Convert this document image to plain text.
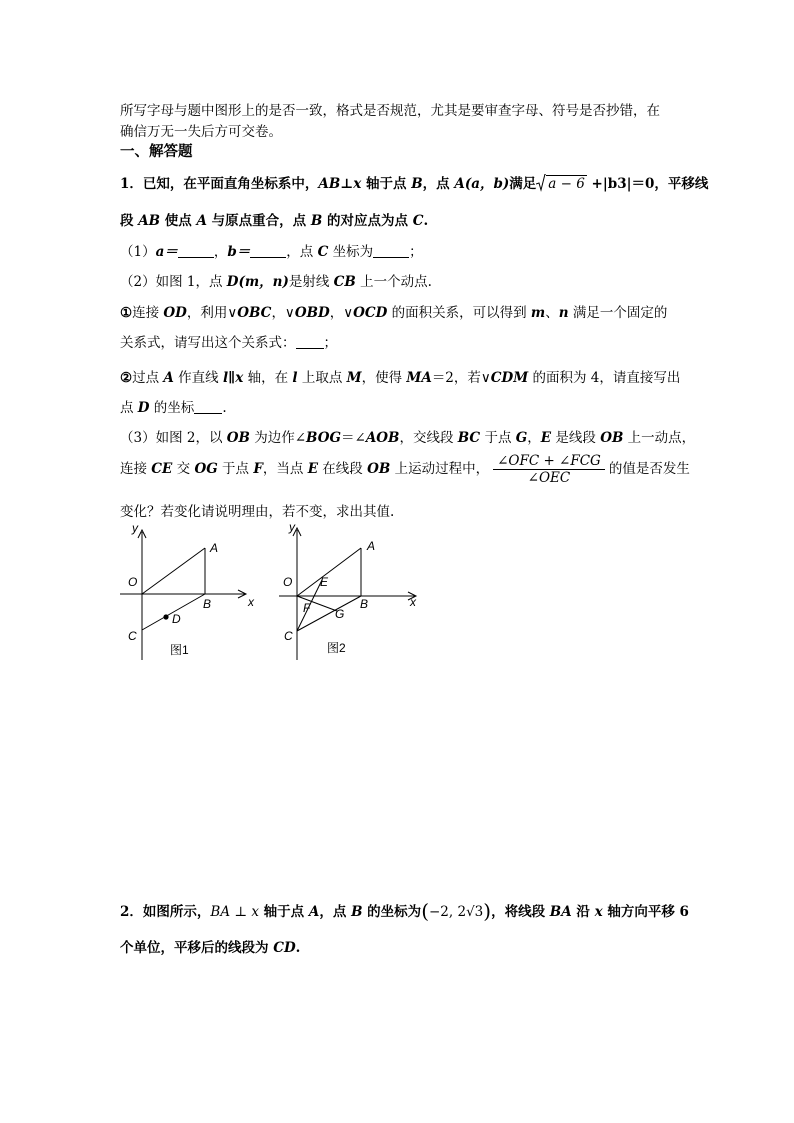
所写字母与题中图形上的是否一致，格式是否规范，尤其是要审查字母、符号是否抄错，在
确信万无一失后方可交卷。
一、解答题
1．已知，在平面直角坐标系中，AB⊥x 轴于点 B，点 A(a，b)满足 a − 6 +|b3|＝0，平移线
段 AB 使点 A 与原点重合，点 B 的对应点为点 C.
（1）a＝	，b＝	，点 C 坐标为	；
（2）如图 1，点 D(m，n)是射线 CB 上一个动点.
①连接 OD，利用∨OBC，∨OBD，∨OCD 的面积关系，可以得到 m、n 满足一个固定的
关系式，请写出这个关系式： ；
②过点 A 作直线 l∥x 轴，在 l 上取点 M，使得 MA＝2，若∨CDM 的面积为 4，请直接写出
点 D 的坐标 .
（3）如图 2，以 OB 为边作∠BOG＝∠AOB，交线段 BC 于点 G，E 是线段 OB 上一动点，
连接 CE 交 OG 于点 F，当点 E 在线段 OB 上运动过程中， $\frac{\text{∠OFC + ∠FCG}}{\text{∠OEC}}$ 的值是否发生
变化？若变化请说明理由，若不变，求出其值.
y
x
O
A
B
C
D
图1
y
x
O
A
B
C
E
F G
图2
2．如图所示，BA ⊥ x 轴于点 A，点 B 的坐标为(−2, 2√3)，将线段 BA 沿 x 轴方向平移 6
个单位，平移后的线段为 CD.
